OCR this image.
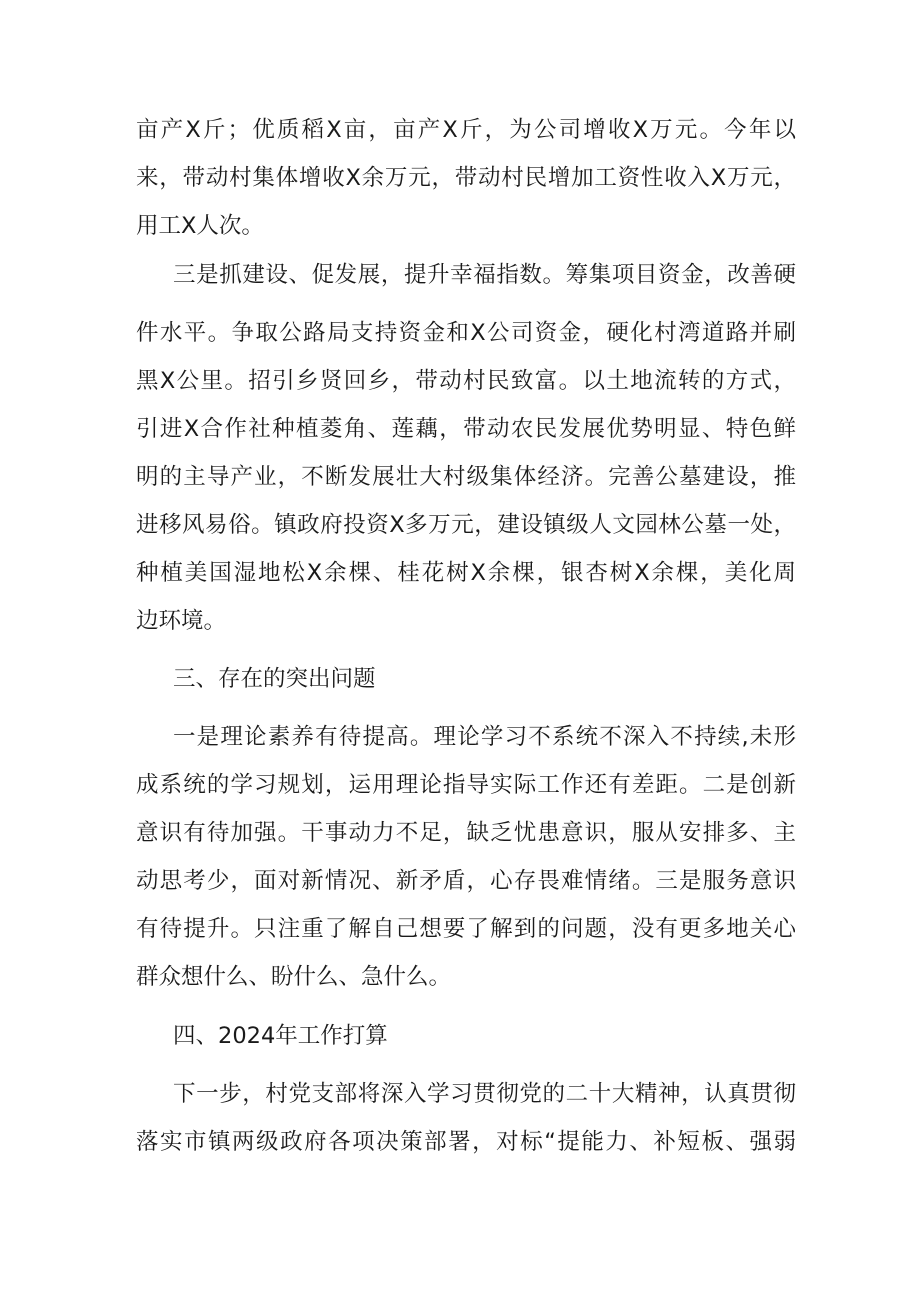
亩产X斤；优质稻X亩，亩产X斤，为公司增收X万元。今年以
来，带动村集体增收X余万元，带动村民增加工资性收入X万元，
用工X人次。
三是抓建设、促发展，提升幸福指数。筹集项目资金，改善硬
件水平。争取公路局支持资金和X公司资金，硬化村湾道路并刷
黑X公里。招引乡贤回乡，带动村民致富。以土地流转的方式，
引进X合作社种植菱角、莲藕，带动农民发展优势明显、特色鲜
明的主导产业，不断发展壮大村级集体经济。完善公墓建设，推
进移风易俗。镇政府投资X多万元，建设镇级人文园林公墓一处，
种植美国湿地松X余棵、桂花树X余棵，银杏树X余棵，美化周
边环境。
三、存在的突出问题
一是理论素养有待提高。理论学习不系统不深入不持续,未形
成系统的学习规划，运用理论指导实际工作还有差距。二是创新
意识有待加强。干事动力不足，缺乏忧患意识，服从安排多、主
动思考少，面对新情况、新矛盾，心存畏难情绪。三是服务意识
有待提升。只注重了解自己想要了解到的问题，没有更多地关心
群众想什么、盼什么、急什么。
四、2024年工作打算
下一步，村党支部将深入学习贯彻党的二十大精神，认真贯彻
落实市镇两级政府各项决策部署，对标“提能力、补短板、强弱
